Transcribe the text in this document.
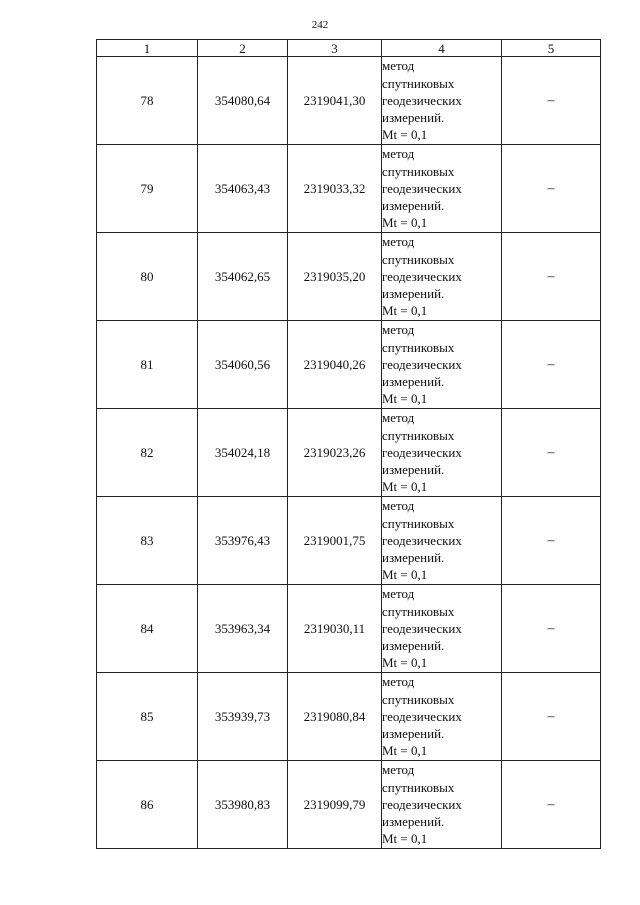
242
1	2	3	4	5
78	354080,64	2319041,30	метод
спутниковых
геодезических
измерений.
Mt = 0,1	–
79	354063,43	2319033,32	метод
спутниковых
геодезических
измерений.
Mt = 0,1	–
80	354062,65	2319035,20	метод
спутниковых
геодезических
измерений.
Mt = 0,1	–
81	354060,56	2319040,26	метод
спутниковых
геодезических
измерений.
Mt = 0,1	–
82	354024,18	2319023,26	метод
спутниковых
геодезических
измерений.
Mt = 0,1	–
83	353976,43	2319001,75	метод
спутниковых
геодезических
измерений.
Mt = 0,1	–
84	353963,34	2319030,11	метод
спутниковых
геодезических
измерений.
Mt = 0,1	–
85	353939,73	2319080,84	метод
спутниковых
геодезических
измерений.
Mt = 0,1	–
86	353980,83	2319099,79	метод
спутниковых
геодезических
измерений.
Mt = 0,1	–
